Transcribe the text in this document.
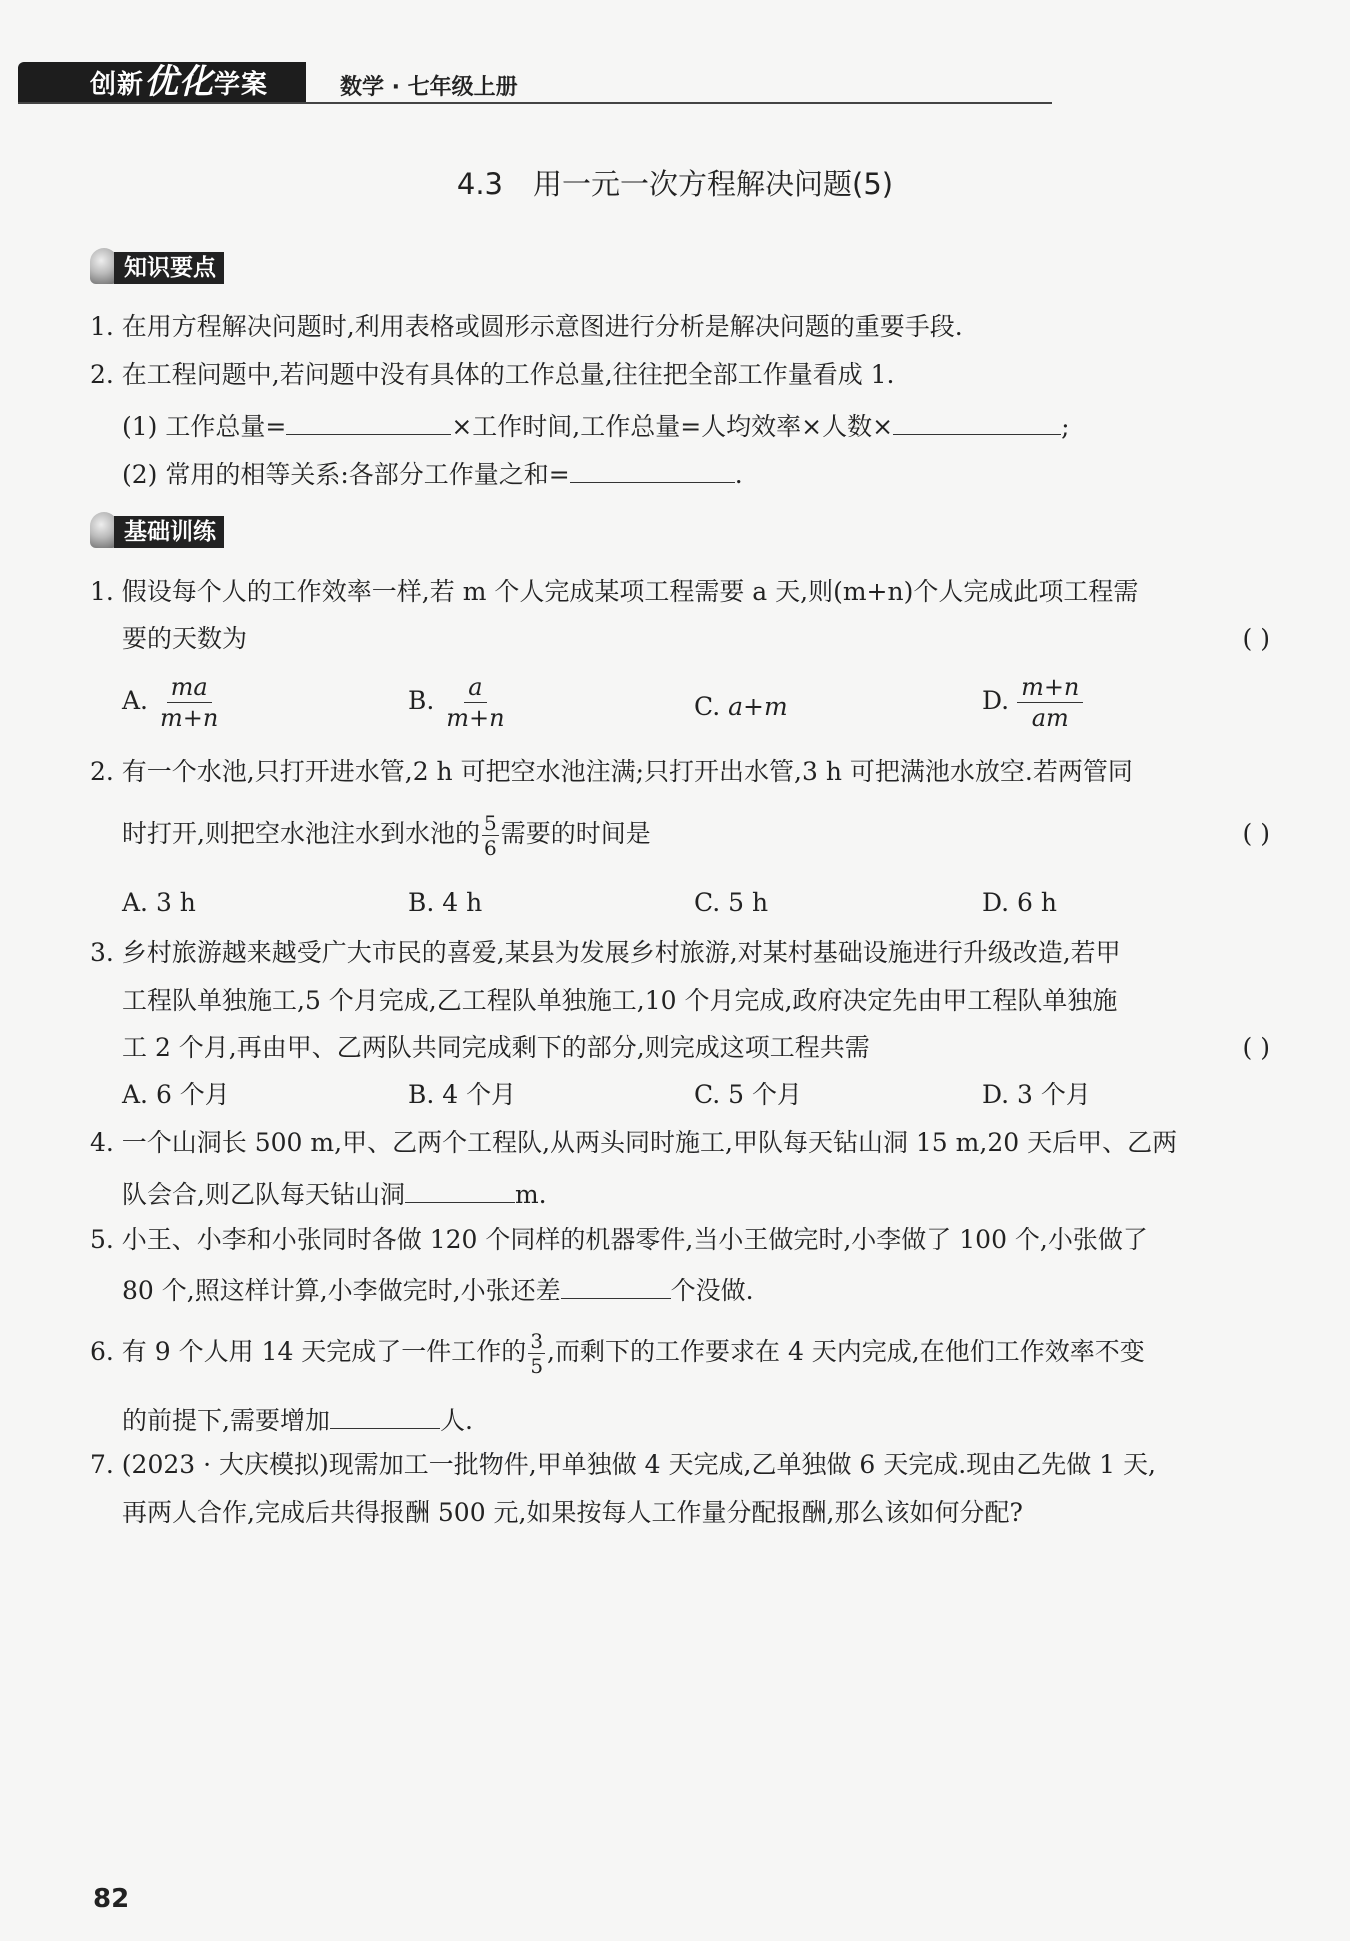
创新优化学案	数学 · 七年级上册
4.3 用一元一次方程解决问题(5)
知识要点
1. 在用方程解决问题时,利用表格或圆形示意图进行分析是解决问题的重要手段.
2. 在工程问题中,若问题中没有具体的工作总量,往往把全部工作量看成 1.
(1) 工作总量=	×工作时间,工作总量=人均效率×人数×	;
(2) 常用的相等关系:各部分工作量之和=	.
基础训练
1. 假设每个人的工作效率一样,若 m 个人完成某项工程需要 a 天,则(m+n)个人完成此项工程需
要的天数为	( )
A. $\frac{ma}{m+n}$	B. $\frac{a}{m+n}$	C. a+m	D. $\frac{m+n}{am}$
2. 有一个水池,只打开进水管,2 h 可把空水池注满;只打开出水管,3 h 可把满池水放空.若两管同
时打开,则把空水池注水到水池的 $\frac{5}{6}$ 需要的时间是	( )
A. 3 h	B. 4 h	C. 5 h	D. 6 h
3. 乡村旅游越来越受广大市民的喜爱,某县为发展乡村旅游,对某村基础设施进行升级改造,若甲
工程队单独施工,5 个月完成,乙工程队单独施工,10 个月完成,政府决定先由甲工程队单独施
工 2 个月,再由甲、乙两队共同完成剩下的部分,则完成这项工程共需	( )
A. 6 个月	B. 4 个月	C. 5 个月	D. 3 个月
4. 一个山洞长 500 m,甲、乙两个工程队,从两头同时施工,甲队每天钻山洞 15 m,20 天后甲、乙两
队会合,则乙队每天钻山洞	m.
5. 小王、小李和小张同时各做 120 个同样的机器零件,当小王做完时,小李做了 100 个,小张做了
80 个,照这样计算,小李做完时,小张还差	个没做.
6. 有 9 个人用 14 天完成了一件工作的 $\frac{3}{5}$ ,而剩下的工作要求在 4 天内完成,在他们工作效率不变
的前提下,需要增加	人.
7. (2023 · 大庆模拟)现需加工一批物件,甲单独做 4 天完成,乙单独做 6 天完成.现由乙先做 1 天,
再两人合作,完成后共得报酬 500 元,如果按每人工作量分配报酬,那么该如何分配?
82
